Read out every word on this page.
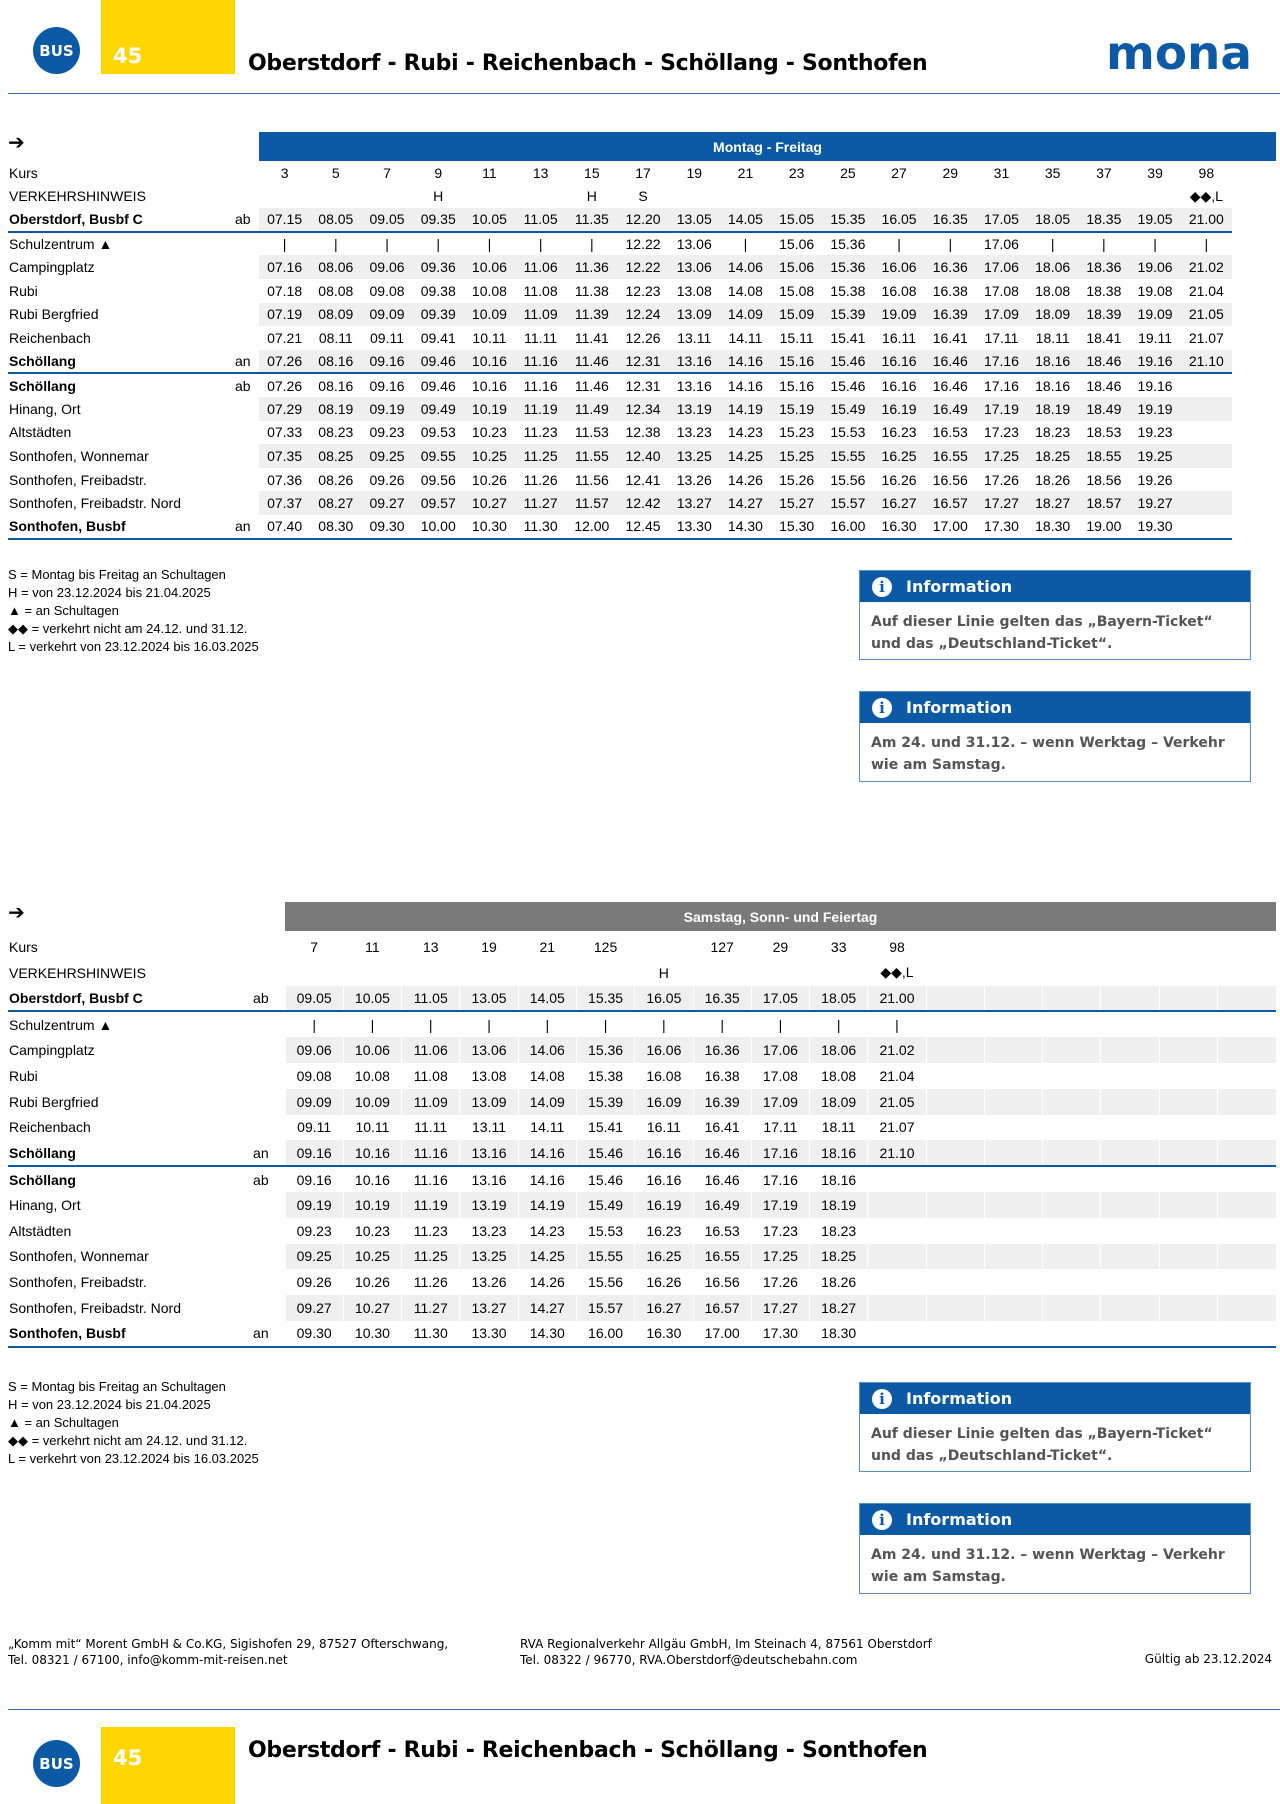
BUS 45	Oberstdorf - Rubi - Reichenbach - Schöllang - Sonthofen	mona
➔	Montag - Freitag
Kurs		3	5	7	9	11	13	15	17	19	21	23	25	27	29	31	35	37	39	98
VERKEHRSHINWEIS					H			H	S											◆◆,L
Oberstdorf, Busbf C	ab	07.15	08.05	09.05	09.35	10.05	11.05	11.35	12.20	13.05	14.05	15.05	15.35	16.05	16.35	17.05	18.05	18.35	19.05	21.00
Schulzentrum ▲		|	|	|	|	|	|	|	12.22	13.06	|	15.06	15.36	|	|	17.06	|	|	|	|
Campingplatz		07.16	08.06	09.06	09.36	10.06	11.06	11.36	12.22	13.06	14.06	15.06	15.36	16.06	16.36	17.06	18.06	18.36	19.06	21.02
Rubi		07.18	08.08	09.08	09.38	10.08	11.08	11.38	12.23	13.08	14.08	15.08	15.38	16.08	16.38	17.08	18.08	18.38	19.08	21.04
Rubi Bergfried		07.19	08.09	09.09	09.39	10.09	11.09	11.39	12.24	13.09	14.09	15.09	15.39	19.09	16.39	17.09	18.09	18.39	19.09	21.05
Reichenbach		07.21	08.11	09.11	09.41	10.11	11.11	11.41	12.26	13.11	14.11	15.11	15.41	16.11	16.41	17.11	18.11	18.41	19.11	21.07
Schöllang	an	07.26	08.16	09.16	09.46	10.16	11.16	11.46	12.31	13.16	14.16	15.16	15.46	16.16	16.46	17.16	18.16	18.46	19.16	21.10
Schöllang	ab	07.26	08.16	09.16	09.46	10.16	11.16	11.46	12.31	13.16	14.16	15.16	15.46	16.16	16.46	17.16	18.16	18.46	19.16	
Hinang, Ort		07.29	08.19	09.19	09.49	10.19	11.19	11.49	12.34	13.19	14.19	15.19	15.49	16.19	16.49	17.19	18.19	18.49	19.19	
Altstädten		07.33	08.23	09.23	09.53	10.23	11.23	11.53	12.38	13.23	14.23	15.23	15.53	16.23	16.53	17.23	18.23	18.53	19.23	
Sonthofen, Wonnemar		07.35	08.25	09.25	09.55	10.25	11.25	11.55	12.40	13.25	14.25	15.25	15.55	16.25	16.55	17.25	18.25	18.55	19.25	
Sonthofen, Freibadstr.		07.36	08.26	09.26	09.56	10.26	11.26	11.56	12.41	13.26	14.26	15.26	15.56	16.26	16.56	17.26	18.26	18.56	19.26	
Sonthofen, Freibadstr. Nord		07.37	08.27	09.27	09.57	10.27	11.27	11.57	12.42	13.27	14.27	15.27	15.57	16.27	16.57	17.27	18.27	18.57	19.27	
Sonthofen, Busbf	an	07.40	08.30	09.30	10.00	10.30	11.30	12.00	12.45	13.30	14.30	15.30	16.00	16.30	17.00	17.30	18.30	19.00	19.30	
S = Montag bis Freitag an Schultagen
H = von 23.12.2024 bis 21.04.2025
▲ = an Schultagen
◆◆ = verkehrt nicht am 24.12. und 31.12.
L = verkehrt von 23.12.2024 bis 16.03.2025
i	Information
Auf dieser Linie gelten das „Bayern-Ticket“ und das „Deutschland-Ticket“.
i	Information
Am 24. und 31.12. – wenn Werktag – Verkehr wie am Samstag.
➔	Samstag, Sonn- und Feiertag
Kurs		7	11	13	19	21	125		127	29	33	98						
VERKEHRSHINWEIS								H				◆◆,L						
Oberstdorf, Busbf C	ab	09.05	10.05	11.05	13.05	14.05	15.35	16.05	16.35	17.05	18.05	21.00						
Schulzentrum ▲		|	|	|	|	|	|	|	|	|	|	|						
Campingplatz		09.06	10.06	11.06	13.06	14.06	15.36	16.06	16.36	17.06	18.06	21.02						
Rubi		09.08	10.08	11.08	13.08	14.08	15.38	16.08	16.38	17.08	18.08	21.04						
Rubi Bergfried		09.09	10.09	11.09	13.09	14.09	15.39	16.09	16.39	17.09	18.09	21.05						
Reichenbach		09.11	10.11	11.11	13.11	14.11	15.41	16.11	16.41	17.11	18.11	21.07						
Schöllang	an	09.16	10.16	11.16	13.16	14.16	15.46	16.16	16.46	17.16	18.16	21.10						
Schöllang	ab	09.16	10.16	11.16	13.16	14.16	15.46	16.16	16.46	17.16	18.16							
Hinang, Ort		09.19	10.19	11.19	13.19	14.19	15.49	16.19	16.49	17.19	18.19							
Altstädten		09.23	10.23	11.23	13.23	14.23	15.53	16.23	16.53	17.23	18.23							
Sonthofen, Wonnemar		09.25	10.25	11.25	13.25	14.25	15.55	16.25	16.55	17.25	18.25							
Sonthofen, Freibadstr.		09.26	10.26	11.26	13.26	14.26	15.56	16.26	16.56	17.26	18.26							
Sonthofen, Freibadstr. Nord		09.27	10.27	11.27	13.27	14.27	15.57	16.27	16.57	17.27	18.27							
Sonthofen, Busbf	an	09.30	10.30	11.30	13.30	14.30	16.00	16.30	17.00	17.30	18.30							
S = Montag bis Freitag an Schultagen
H = von 23.12.2024 bis 21.04.2025
▲ = an Schultagen
◆◆ = verkehrt nicht am 24.12. und 31.12.
L = verkehrt von 23.12.2024 bis 16.03.2025
i	Information
Auf dieser Linie gelten das „Bayern-Ticket“ und das „Deutschland-Ticket“.
i	Information
Am 24. und 31.12. – wenn Werktag – Verkehr wie am Samstag.
„Komm mit“ Morent GmbH & Co.KG, Sigishofen 29, 87527 Ofterschwang,
Tel. 08321 / 67100, info@komm-mit-reisen.net
RVA Regionalverkehr Allgäu GmbH, Im Steinach 4, 87561 Oberstdorf
Tel. 08322 / 96770, RVA.Oberstdorf@deutschebahn.com	Gültig ab 23.12.2024
BUS 45	Oberstdorf - Rubi - Reichenbach - Schöllang - Sonthofen
